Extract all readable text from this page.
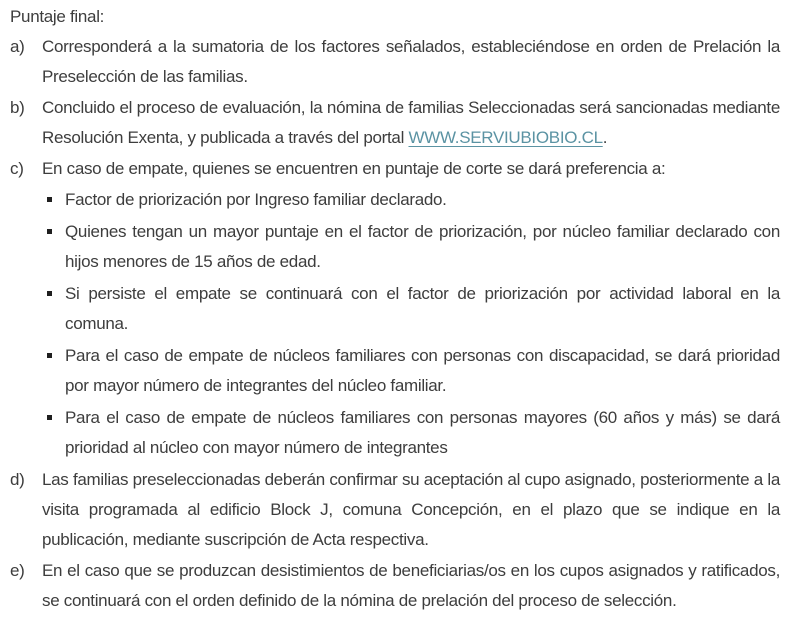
Puntaje final:

a)	Corresponderá a la sumatoria de los factores señalados, estableciéndose en orden de Prelación la Preselección de las familias.

b)	Concluido el proceso de evaluación, la nómina de familias Seleccionadas será sancionadas mediante Resolución Exenta, y publicada a través del portal WWW.SERVIUBIOBIO.CL.

c)	En caso de empate, quienes se encuentren en puntaje de corte se dará preferencia a:

Factor de priorización por Ingreso familiar declarado.

Quienes tengan un mayor puntaje en el factor de priorización, por núcleo familiar declarado con hijos menores de 15 años de edad.

Si persiste el empate se continuará con el factor de priorización por actividad laboral en la comuna.

Para el caso de empate de núcleos familiares con personas con discapacidad, se dará prioridad por mayor número de integrantes del núcleo familiar.

Para el caso de empate de núcleos familiares con personas mayores (60 años y más) se dará prioridad al núcleo con mayor número de integrantes

d)	Las familias preseleccionadas deberán confirmar su aceptación al cupo asignado, posteriormente a la visita programada al edificio Block J, comuna Concepción, en el plazo que se indique en la publicación, mediante suscripción de Acta respectiva.

e)	En el caso que se produzcan desistimientos de beneficiarias/os en los cupos asignados y ratificados, se continuará con el orden definido de la nómina de prelación del proceso de selección.
